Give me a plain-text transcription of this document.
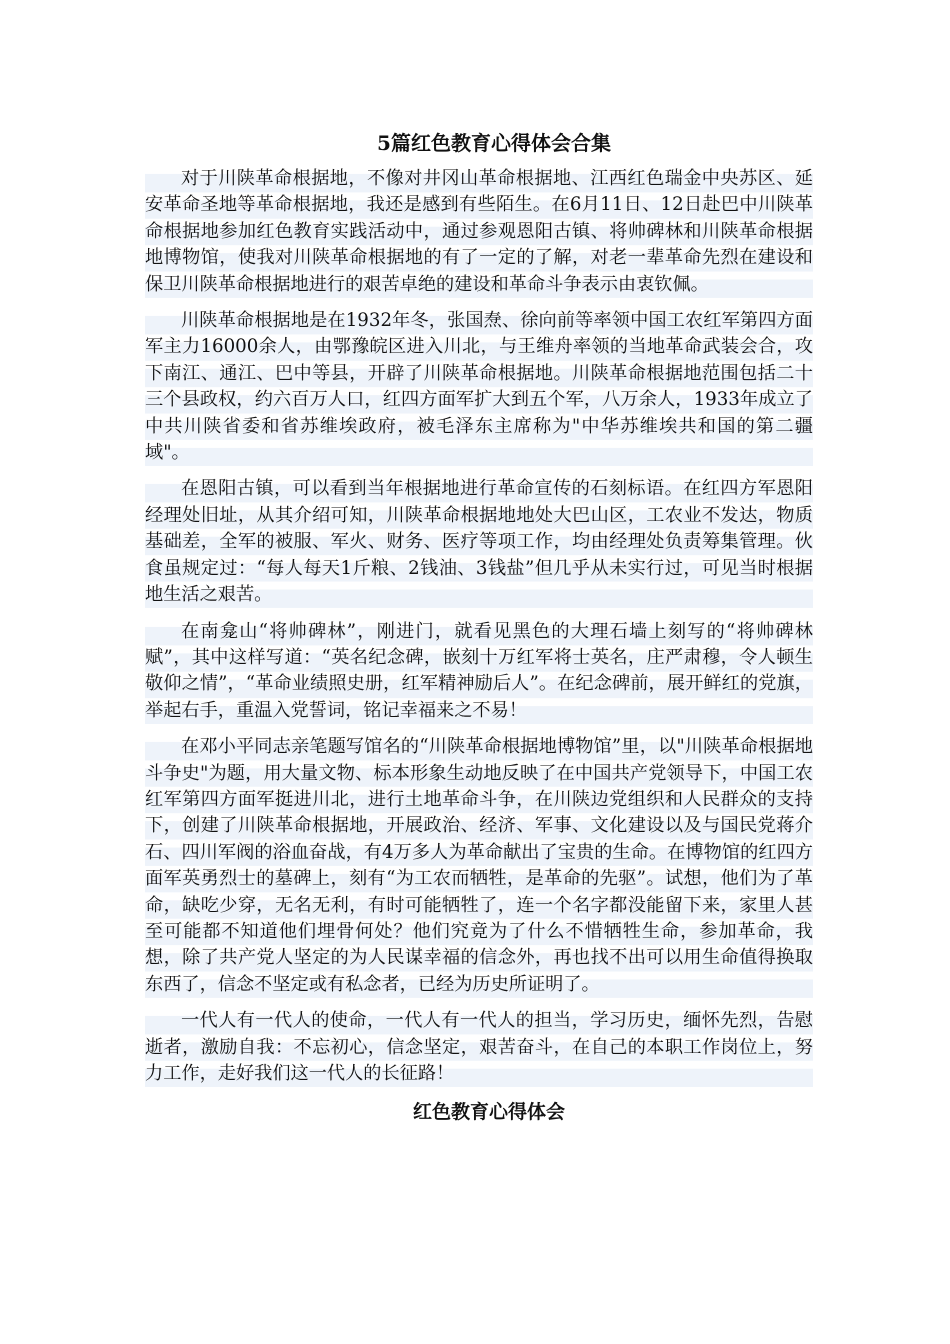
5篇红色教育心得体会合集

对于川陕革命根据地，不像对井冈山革命根据地、江西红色瑞金中央苏区、延安革命圣地等革命根据地，我还是感到有些陌生。在6月11日、12日赴巴中川陕革命根据地参加红色教育实践活动中，通过参观恩阳古镇、将帅碑林和川陕革命根据地博物馆，使我对川陕革命根据地的有了一定的了解，对老一辈革命先烈在建设和保卫川陕革命根据地进行的艰苦卓绝的建设和革命斗争表示由衷钦佩。

川陕革命根据地是在1932年冬，张国焘、徐向前等率领中国工农红军第四方面军主力16000余人，由鄂豫皖区进入川北，与王维舟率领的当地革命武装会合，攻下南江、通江、巴中等县，开辟了川陕革命根据地。川陕革命根据地范围包括二十三个县政权，约六百万人口，红四方面军扩大到五个军，八万余人，1933年成立了中共川陕省委和省苏维埃政府，被毛泽东主席称为"中华苏维埃共和国的第二疆域"。

在恩阳古镇，可以看到当年根据地进行革命宣传的石刻标语。在红四方军恩阳经理处旧址，从其介绍可知，川陕革命根据地地处大巴山区，工农业不发达，物质基础差，全军的被服、军火、财务、医疗等项工作，均由经理处负责筹集管理。伙食虽规定过：“每人每天1斤粮、2钱油、3钱盐”但几乎从未实行过，可见当时根据地生活之艰苦。

在南龛山“将帅碑林”，刚进门，就看见黑色的大理石墙上刻写的“将帅碑林赋”，其中这样写道：“英名纪念碑，嵌刻十万红军将士英名，庄严肃穆，令人顿生敬仰之情”，“革命业绩照史册，红军精神励后人”。在纪念碑前，展开鲜红的党旗，举起右手，重温入党誓词，铭记幸福来之不易！

在邓小平同志亲笔题写馆名的“川陕革命根据地博物馆”里，以"川陕革命根据地斗争史"为题，用大量文物、标本形象生动地反映了在中国共产党领导下，中国工农红军第四方面军挺进川北，进行土地革命斗争，在川陕边党组织和人民群众的支持下，创建了川陕革命根据地，开展政治、经济、军事、文化建设以及与国民党蒋介石、四川军阀的浴血奋战，有4万多人为革命献出了宝贵的生命。在博物馆的红四方面军英勇烈士的墓碑上，刻有“为工农而牺牲，是革命的先驱”。试想，他们为了革命，缺吃少穿，无名无利，有时可能牺牲了，连一个名字都没能留下来，家里人甚至可能都不知道他们埋骨何处？他们究竟为了什么不惜牺牲生命，参加革命，我想，除了共产党人坚定的为人民谋幸福的信念外，再也找不出可以用生命值得换取东西了，信念不坚定或有私念者，已经为历史所证明了。

一代人有一代人的使命，一代人有一代人的担当，学习历史，缅怀先烈，告慰逝者，激励自我：不忘初心，信念坚定，艰苦奋斗，在自己的本职工作岗位上，努力工作，走好我们这一代人的长征路！

红色教育心得体会
